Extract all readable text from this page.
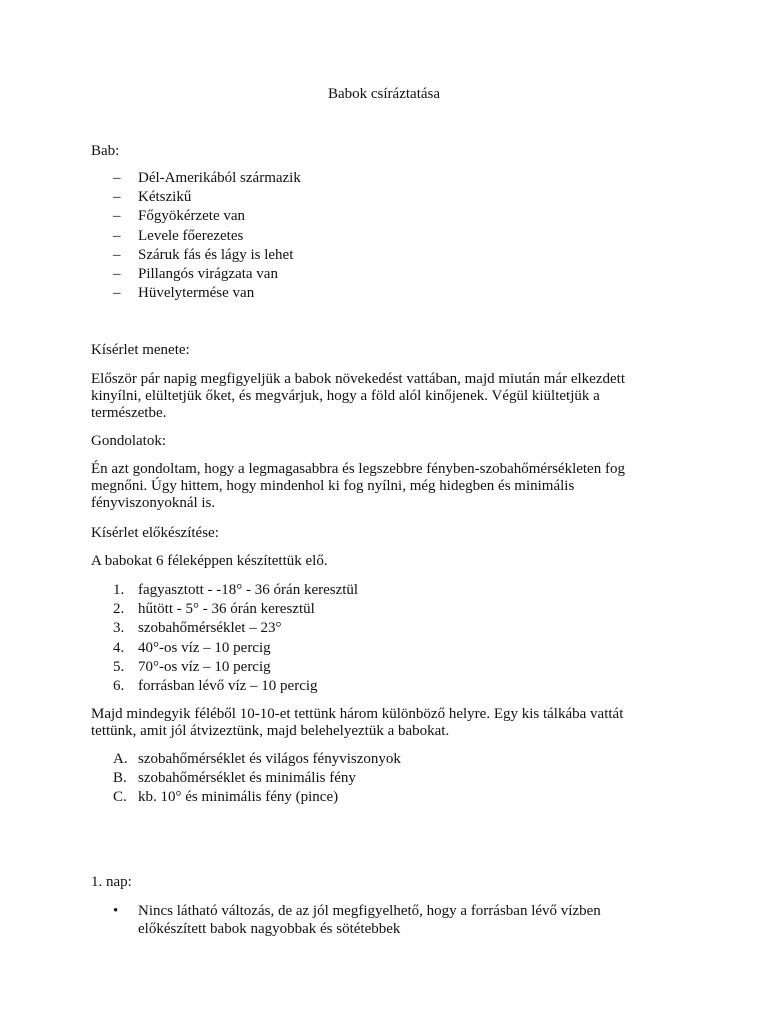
Babok csíráztatása
Bab:
– Dél-Amerikából származik
– Kétszikű
– Főgyökérzete van
– Levele főerezetes
– Száruk fás és lágy is lehet
– Pillangós virágzata van
– Hüvelytermése van
Kísérlet menete:
Először pár napig megfigyeljük a babok növekedést vattában, majd miután már elkezdett kinyílni, elültetjük őket, és megvárjuk, hogy a föld alól kinőjenek. Végül kiültetjük a természetbe.
Gondolatok:
Én azt gondoltam, hogy a legmagasabbra és legszebbre fényben-szobahőmérsékleten fog megnőni. Úgy hittem, hogy mindenhol ki fog nyílni, még hidegben és minimális fényviszonyoknál is.
Kísérlet előkészítése:
A babokat 6 féleképpen készítettük elő.
1. fagyasztott - -18° - 36 órán keresztül
2. hűtött - 5° - 36 órán keresztül
3. szobahőmérséklet – 23°
4. 40°-os víz – 10 percig
5. 70°-os víz – 10 percig
6. forrásban lévő víz – 10 percig
Majd mindegyik féléből 10-10-et tettünk három különböző helyre. Egy kis tálkába vattát tettünk, amit jól átvizeztünk, majd belehelyeztük a babokat.
A. szobahőmérséklet és világos fényviszonyok
B. szobahőmérséklet és minimális fény
C. kb. 10° és minimális fény (pince)
1. nap:
• Nincs látható változás, de az jól megfigyelhető, hogy a forrásban lévő vízben előkészített babok nagyobbak és sötétebbek
